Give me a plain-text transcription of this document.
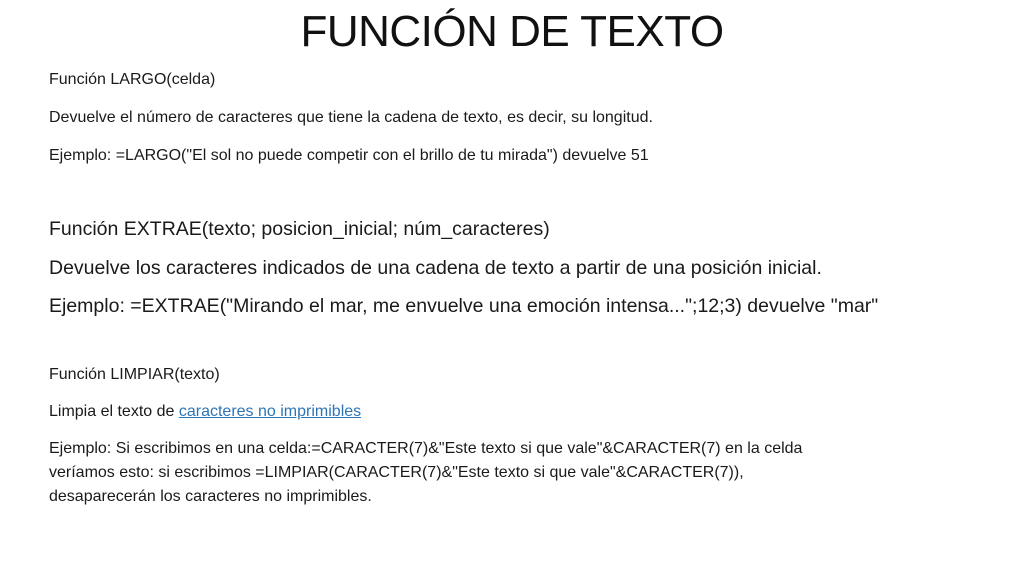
FUNCIÓN DE TEXTO

Función LARGO(celda)

Devuelve el número de caracteres que tiene la cadena de texto, es decir, su longitud.

Ejemplo: =LARGO("El sol no puede competir con el brillo de tu mirada") devuelve 51

Función EXTRAE(texto; posicion_inicial; núm_caracteres)

Devuelve los caracteres indicados de una cadena de texto a partir de una posición inicial.

Ejemplo: =EXTRAE("Mirando el mar, me envuelve una emoción intensa...";12;3) devuelve "mar"

Función LIMPIAR(texto)

Limpia el texto de caracteres no imprimibles

Ejemplo: Si escribimos en una celda:=CARACTER(7)&"Este texto si que vale"&CARACTER(7) en la celda

veríamos esto: si escribimos =LIMPIAR(CARACTER(7)&"Este texto si que vale"&CARACTER(7)),

desaparecerán los caracteres no imprimibles.
